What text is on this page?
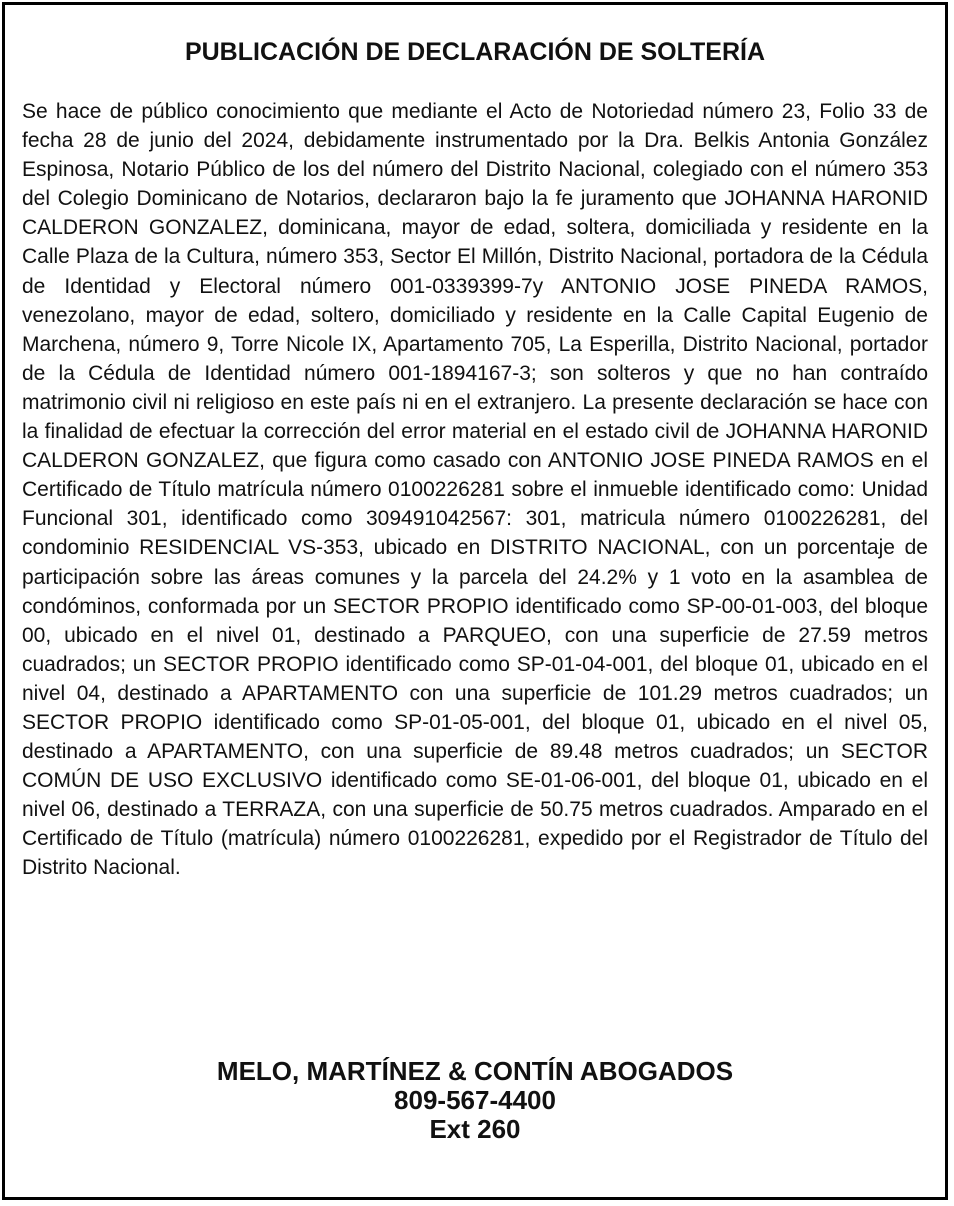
PUBLICACIÓN DE DECLARACIÓN DE SOLTERÍA

Se hace de público conocimiento que mediante el Acto de Notoriedad número 23, Folio 33 de fecha 28 de junio del 2024, debidamente instrumentado por la Dra. Belkis Antonia González Espinosa, Notario Público de los del número del Distrito Nacional, colegiado con el número 353 del Colegio Dominicano de Notarios, declararon bajo la fe juramento que JOHANNA HARONID CALDERON GONZALEZ, dominicana, mayor de edad, soltera, domiciliada y residente en la Calle Plaza de la Cultura, número 353, Sector El Millón, Distrito Nacional, portadora de la Cédula de Identidad y Electoral número 001-0339399-7y ANTONIO JOSE PINEDA RAMOS, venezolano, mayor de edad, soltero, domiciliado y residente en la Calle Capital Eugenio de Marchena, número 9, Torre Nicole IX, Apartamento 705, La Esperilla, Distrito Nacional, portador de la Cédula de Identidad número 001-1894167-3; son solteros y que no han contraído matrimonio civil ni religioso en este país ni en el extranjero. La presente declaración se hace con la finalidad de efectuar la corrección del error material en el estado civil de JOHANNA HARONID CALDERON GONZALEZ, que figura como casado con ANTONIO JOSE PINEDA RAMOS en el Certificado de Título matrícula número 0100226281 sobre el inmueble identificado como: Unidad Funcional 301, identificado como 309491042567: 301, matricula número 0100226281, del condominio RESIDENCIAL VS-353, ubicado en DISTRITO NACIONAL, con un porcentaje de participación sobre las áreas comunes y la parcela del 24.2% y 1 voto en la asamblea de condóminos, conformada por un SECTOR PROPIO identificado como SP-00-01-003, del bloque 00, ubicado en el nivel 01, destinado a PARQUEO, con una superficie de 27.59 metros cuadrados; un SECTOR PROPIO identificado como SP-01-04-001, del bloque 01, ubicado en el nivel 04, destinado a APARTAMENTO con una superficie de 101.29 metros cuadrados; un SECTOR PROPIO identificado como SP-01-05-001, del bloque 01, ubicado en el nivel 05, destinado a APARTAMENTO, con una superficie de 89.48 metros cuadrados; un SECTOR COMÚN DE USO EXCLUSIVO identificado como SE-01-06-001, del bloque 01, ubicado en el nivel 06, destinado a TERRAZA, con una superficie de 50.75 metros cuadrados. Amparado en el Certificado de Título (matrícula) número 0100226281, expedido por el Registrador de Título del Distrito Nacional.

MELO, MARTÍNEZ & CONTÍN ABOGADOS
809-567-4400
Ext 260
